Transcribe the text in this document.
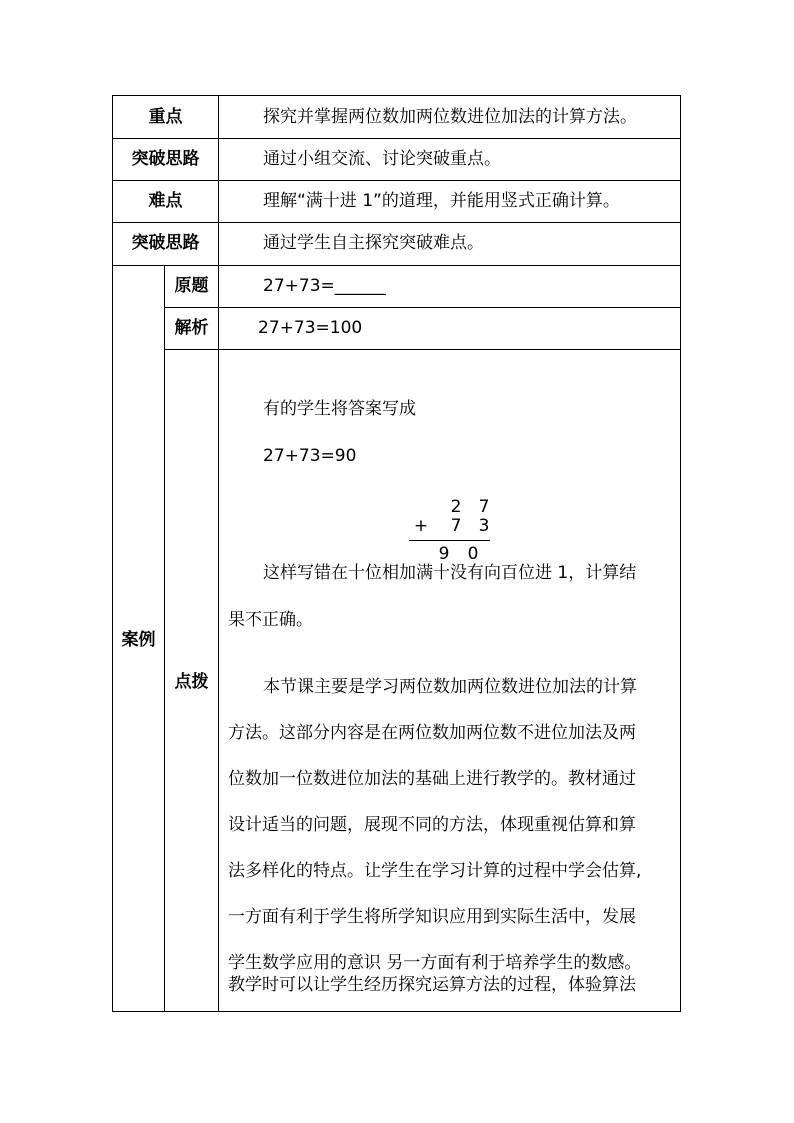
重点	探究并掌握两位数加两位数进位加法的计算方法。
突破思路	通过小组交流、讨论突破重点。
难点	理解“满十进 1”的道理，并能用竖式正确计算。
突破思路	通过学生自主探究突破难点。
案例
原题	27+73=______
解析	27+73=100
点拨
有的学生将答案写成
27+73=90
2 7
+ 7 3
9 0
这样写错在十位相加满十没有向百位进 1，计算结
果不正确。
本节课主要是学习两位数加两位数进位加法的计算
方法。这部分内容是在两位数加两位数不进位加法及两
位数加一位数进位加法的基础上进行教学的。教材通过
设计适当的问题，展现不同的方法，体现重视估算和算
法多样化的特点。让学生在学习计算的过程中学会估算,
一方面有利于学生将所学知识应用到实际生活中，发展
学生数学应用的意识 另一方面有利于培养学生的数感。
教学时可以让学生经历探究运算方法的过程，体验算法
